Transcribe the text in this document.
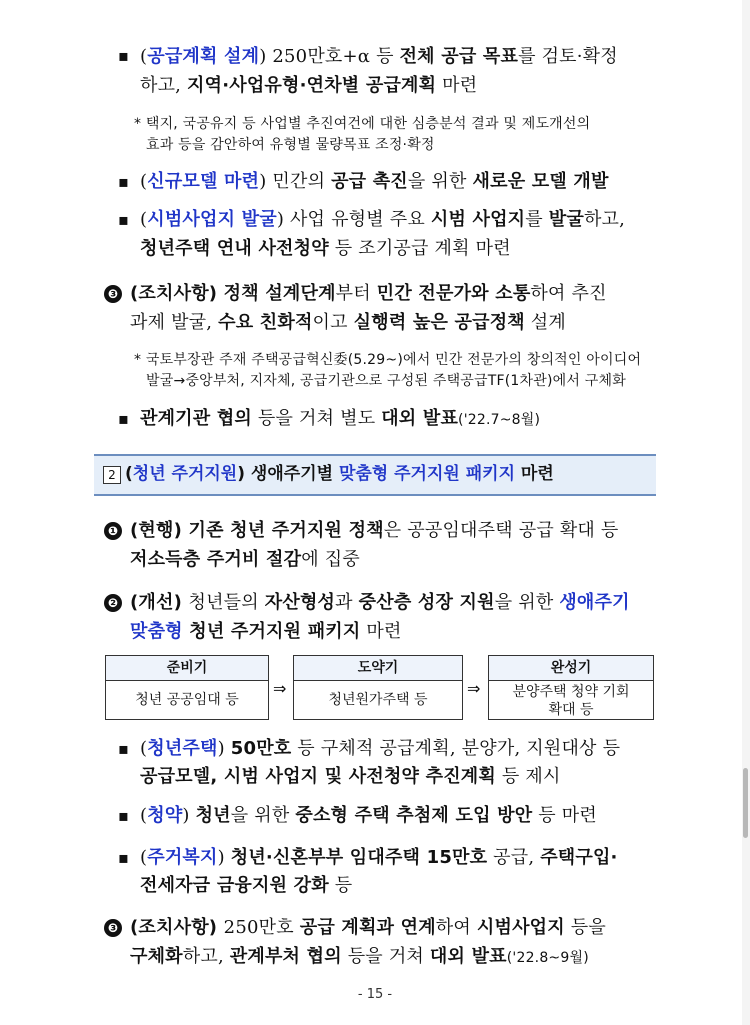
▪ (공급계획 설계) 250만호+α 등 전체 공급 목표를 검토·확정
하고, 지역·사업유형·연차별 공급계획 마련
* 택지, 국공유지 등 사업별 추진여건에 대한 심층분석 결과 및 제도개선의
효과 등을 감안하여 유형별 물량목표 조정·확정
▪ (신규모델 마련) 민간의 공급 촉진을 위한 새로운 모델 개발
▪ (시범사업지 발굴) 사업 유형별 주요 시범 사업지를 발굴하고,
청년주택 연내 사전청약 등 조기공급 계획 마련
❸ (조치사항) 정책 설계단계부터 민간 전문가와 소통하여 추진
과제 발굴, 수요 친화적이고 실행력 높은 공급정책 설계
* 국토부장관 주재 주택공급혁신委(5.29~)에서 민간 전문가의 창의적인 아이디어
발굴→중앙부처, 지자체, 공급기관으로 구성된 주택공급TF(1차관)에서 구체화
▪ 관계기관 협의 등을 거쳐 별도 대외 발표('22.7~8월)
2 (청년 주거지원) 생애주기별 맞춤형 주거지원 패키지 마련
❶ (현행) 기존 청년 주거지원 정책은 공공임대주택 공급 확대 등
저소득층 주거비 절감에 집중
❷ (개선) 청년들의 자산형성과 중산층 성장 지원을 위한 생애주기
맞춤형 청년 주거지원 패키지 마련
준비기
청년 공공임대 등
⇒
도약기
청년원가주택 등
⇒
완성기
분양주택 청약 기회
확대 등
▪ (청년주택) 50만호 등 구체적 공급계획, 분양가, 지원대상 등
공급모델, 시범 사업지 및 사전청약 추진계획 등 제시
▪ (청약) 청년을 위한 중소형 주택 추첨제 도입 방안 등 마련
▪ (주거복지) 청년·신혼부부 임대주택 15만호 공급, 주택구입·
전세자금 금융지원 강화 등
❸ (조치사항) 250만호 공급 계획과 연계하여 시범사업지 등을
구체화하고, 관계부처 협의 등을 거쳐 대외 발표('22.8~9월)
- 15 -
